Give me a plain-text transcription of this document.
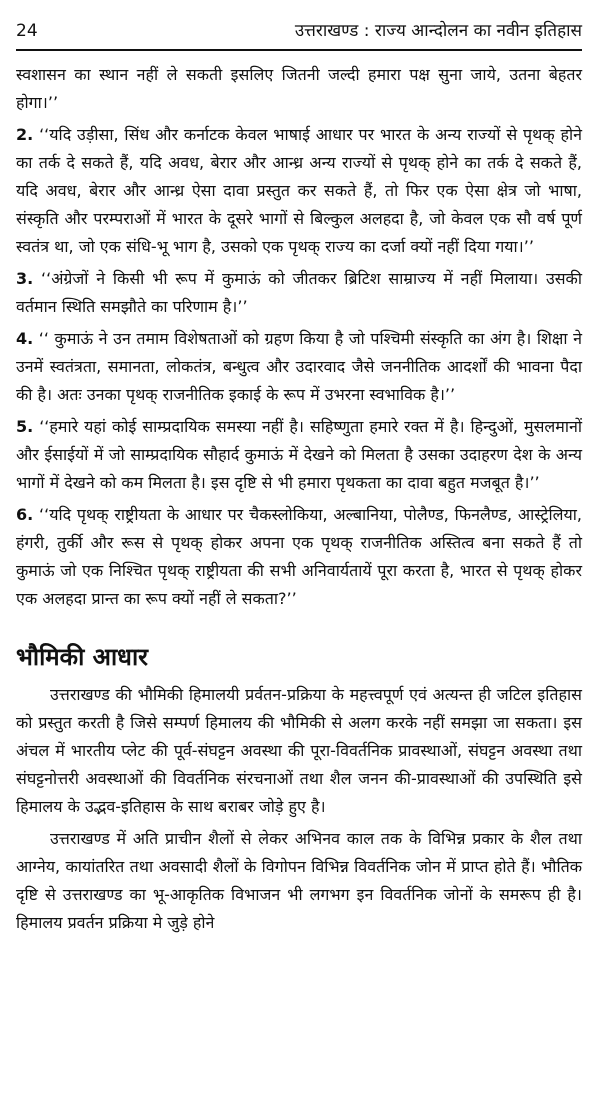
24	उत्तराखण्ड : राज्य आन्दोलन का नवीन इतिहास

स्वशासन का स्थान नहीं ले सकती इसलिए जितनी जल्दी हमारा पक्ष सुना जाये, उतना बेहतर होगा।’’

2. ‘‘यदि उड़ीसा, सिंध और कर्नाटक केवल भाषाई आधार पर भारत के अन्य राज्यों से पृथक् होने का तर्क दे सकते हैं, यदि अवध, बेरार और आन्ध्र अन्य राज्यों से पृथक् होने का तर्क दे सकते हैं, यदि अवध, बेरार और आन्ध्र ऐसा दावा प्रस्तुत कर सकते हैं, तो फिर एक ऐसा क्षेत्र जो भाषा, संस्कृति और परम्पराओं में भारत के दूसरे भागों से बिल्कुल अलहदा है, जो केवल एक सौ वर्ष पूर्ण स्वतंत्र था, जो एक संधि-भू भाग है, उसको एक पृथक् राज्य का दर्जा क्यों नहीं दिया गया।’’

3. ‘‘अंग्रेजों ने किसी भी रूप में कुमाऊं को जीतकर ब्रिटिश साम्राज्य में नहीं मिलाया। उसकी वर्तमान स्थिति समझौते का परिणाम है।’’

4. ‘‘ कुमाऊं ने उन तमाम विशेषताओं को ग्रहण किया है जो पश्चिमी संस्कृति का अंग है। शिक्षा ने उनमें स्वतंत्रता, समानता, लोकतंत्र, बन्धुत्व और उदारवाद जैसे जननीतिक आदर्शों की भावना पैदा की है। अतः उनका पृथक् राजनीतिक इकाई के रूप में उभरना स्वभाविक है।’’

5. ‘‘हमारे यहां कोई साम्प्रदायिक समस्या नहीं है। सहिष्णुता हमारे रक्त में है। हिन्दुओं, मुसलमानों और ईसाईयों में जो साम्प्रदायिक सौहार्द कुमाऊं में देखने को मिलता है उसका उदाहरण देश के अन्य भागों में देखने को कम मिलता है। इस दृष्टि से भी हमारा पृथकता का दावा बहुत मजबूत है।’’

6. ‘‘यदि पृथक् राष्ट्रीयता के आधार पर चैकस्लोकिया, अल्बानिया, पोलैण्ड, फिनलैण्ड, आस्ट्रेलिया, हंगरी, तुर्की और रूस से पृथक् होकर अपना एक पृथक् राजनीतिक अस्तित्व बना सकते हैं तो कुमाऊं जो एक निश्चित पृथक् राष्ट्रीयता की सभी अनिवार्यतायें पूरा करता है, भारत से पृथक् होकर एक अलहदा प्रान्त का रूप क्यों नहीं ले सकता?’’

भौमिकी आधार

उत्तराखण्ड की भौमिकी हिमालयी प्रर्वतन-प्रक्रिया के महत्त्वपूर्ण एवं अत्यन्त ही जटिल इतिहास को प्रस्तुत करती है जिसे सम्पर्ण हिमालय की भौमिकी से अलग करके नहीं समझा जा सकता। इस अंचल में भारतीय प्लेट की पूर्व-संघट्टन अवस्था की पूरा-विवर्तनिक प्रावस्थाओं, संघट्टन अवस्था तथा संघट्टनोत्तरी अवस्थाओं की विवर्तनिक संरचनाओं तथा शैल जनन की-प्रावस्थाओं की उपस्थिति इसे हिमालय के उद्भव-इतिहास के साथ बराबर जोड़े हुए है।

उत्तराखण्ड में अति प्राचीन शैलों से लेकर अभिनव काल तक के विभिन्न प्रकार के शैल तथा आग्नेय, कायांतरित तथा अवसादी शैलों के विगोपन विभिन्न विवर्तनिक जोन में प्राप्त होते हैं। भौतिक दृष्टि से उत्तराखण्ड का भू-आकृतिक विभाजन भी लगभग इन विवर्तनिक जोनों के समरूप ही है। हिमालय प्रवर्तन प्रक्रिया मे जुड़े होने
